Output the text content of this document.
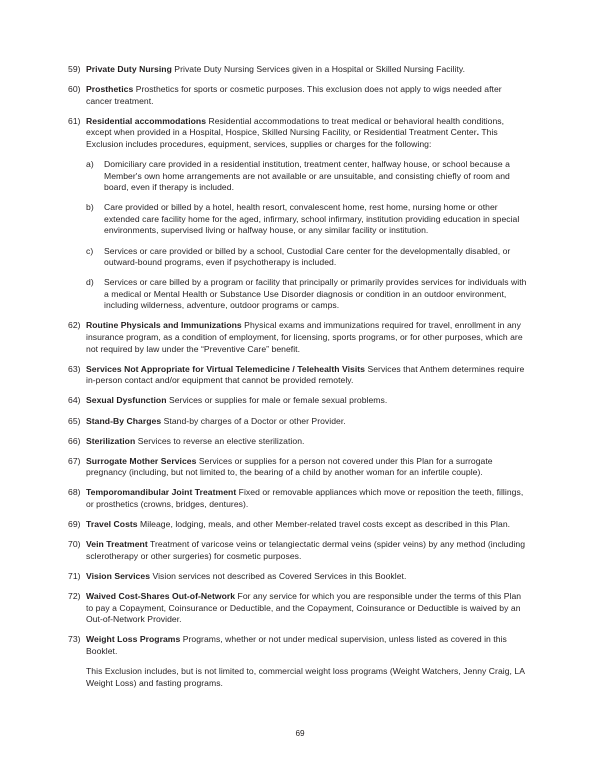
59) Private Duty Nursing Private Duty Nursing Services given in a Hospital or Skilled Nursing Facility.
60) Prosthetics Prosthetics for sports or cosmetic purposes. This exclusion does not apply to wigs needed after cancer treatment.
61) Residential accommodations Residential accommodations to treat medical or behavioral health conditions, except when provided in a Hospital, Hospice, Skilled Nursing Facility, or Residential Treatment Center. This Exclusion includes procedures, equipment, services, supplies or charges for the following:
a)	Domiciliary care provided in a residential institution, treatment center, halfway house, or school because a Member's own home arrangements are not available or are unsuitable, and consisting chiefly of room and board, even if therapy is included.
b)	Care provided or billed by a hotel, health resort, convalescent home, rest home, nursing home or other extended care facility home for the aged, infirmary, school infirmary, institution providing education in special environments, supervised living or halfway house, or any similar facility or institution.
c)	Services or care provided or billed by a school, Custodial Care center for the developmentally disabled, or outward-bound programs, even if psychotherapy is included.
d)	Services or care billed by a program or facility that principally or primarily provides services for individuals with a medical or Mental Health or Substance Use Disorder diagnosis or condition in an outdoor environment, including wilderness, adventure, outdoor programs or camps.
62) Routine Physicals and Immunizations Physical exams and immunizations required for travel, enrollment in any insurance program, as a condition of employment, for licensing, sports programs, or for other purposes, which are not required by law under the “Preventive Care” benefit.
63) Services Not Appropriate for Virtual Telemedicine / Telehealth Visits Services that Anthem determines require in-person contact and/or equipment that cannot be provided remotely.
64) Sexual Dysfunction Services or supplies for male or female sexual problems.
65) Stand-By Charges Stand-by charges of a Doctor or other Provider.
66) Sterilization Services to reverse an elective sterilization.
67) Surrogate Mother Services Services or supplies for a person not covered under this Plan for a surrogate pregnancy (including, but not limited to, the bearing of a child by another woman for an infertile couple).
68) Temporomandibular Joint Treatment Fixed or removable appliances which move or reposition the teeth, fillings, or prosthetics (crowns, bridges, dentures).
69) Travel Costs Mileage, lodging, meals, and other Member-related travel costs except as described in this Plan.
70) Vein Treatment Treatment of varicose veins or telangiectatic dermal veins (spider veins) by any method (including sclerotherapy or other surgeries) for cosmetic purposes.
71) Vision Services Vision services not described as Covered Services in this Booklet.
72) Waived Cost-Shares Out-of-Network For any service for which you are responsible under the terms of this Plan to pay a Copayment, Coinsurance or Deductible, and the Copayment, Coinsurance or Deductible is waived by an Out-of-Network Provider.
73) Weight Loss Programs Programs, whether or not under medical supervision, unless listed as covered in this Booklet.
This Exclusion includes, but is not limited to, commercial weight loss programs (Weight Watchers, Jenny Craig, LA Weight Loss) and fasting programs.
69
